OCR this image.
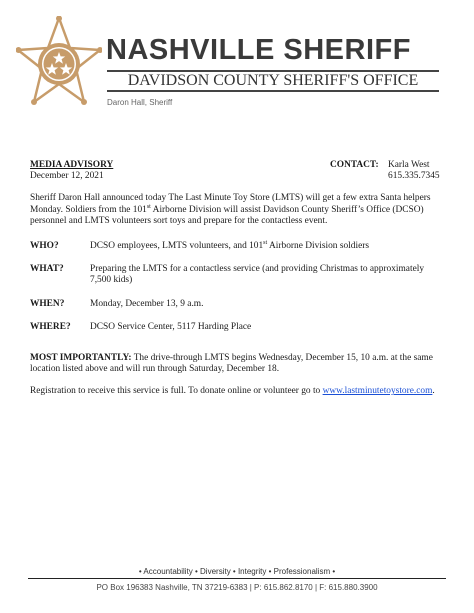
NASHVILLE SHERIFF
DAVIDSON COUNTY SHERIFF'S OFFICE
Daron Hall, Sheriff
MEDIA ADVISORY
December 12, 2021
CONTACT: Karla West
615.335.7345

Sheriff Daron Hall announced today The Last Minute Toy Store (LMTS) will get a few extra Santa helpers Monday. Soldiers from the 101st Airborne Division will assist Davidson County Sheriff’s Office (DCSO) personnel and LMTS volunteers sort toys and prepare for the contactless event.

WHO?	DCSO employees, LMTS volunteers, and 101st Airborne Division soldiers
WHAT?	Preparing the LMTS for a contactless service (and providing Christmas to approximately 7,500 kids)
WHEN?	Monday, December 13, 9 a.m.
WHERE?	DCSO Service Center, 5117 Harding Place

MOST IMPORTANTLY: The drive-through LMTS begins Wednesday, December 15, 10 a.m. at the same location listed above and will run through Saturday, December 18.

Registration to receive this service is full. To donate online or volunteer go to www.lastminutetoystore.com.

• Accountability • Diversity • Integrity • Professionalism •
PO Box 196383 Nashville, TN 37219-6383 | P: 615.862.8170 | F: 615.880.3900
